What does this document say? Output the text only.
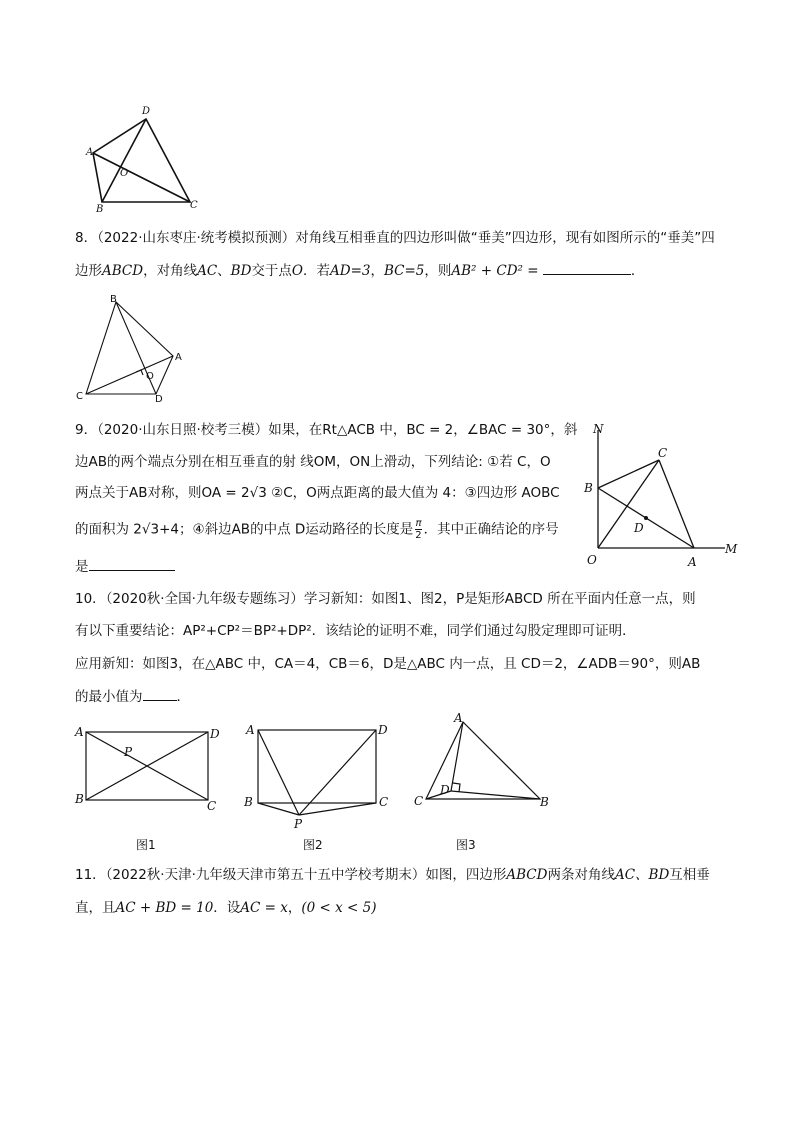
A
B	C
D
O
8．（2022·山东枣庄·统考模拟预测）对角线互相垂直的四边形叫做“垂美”四边形，现有如图所示的“垂美”四
边形ABCD，对角线AC、BD交于点O．若AD=3，BC=5，则AB² + CD² =	．
B
A
C	D
O
9．（2020·山东日照·校考三模）如果，在Rt△ACB 中，BC = 2，∠BAC = 30°，斜
边AB的两个端点分别在相互垂直的射 线OM，ON上滑动，下列结论: ①若 C，O
两点关于AB对称，则OA = 2√3 ②C，O两点距离的最大值为 4：③四边形 AOBC
的面积为 2√3+4；④斜边AB的中点 D运动路径的长度是 $\frac{\pi}{2}$ ．其中正确结论的序号
是
N
M
C
B
D
O	A
10．（2020秋·全国·九年级专题练习）学习新知：如图1、图2，P是矩形ABCD 所在平面内任意一点，则
有以下重要结论：AP²+CP²＝BP²+DP²．该结论的证明不难，同学们通过勾股定理即可证明．
应用新知：如图3，在△ABC 中，CA＝4，CB＝6，D是△ABC 内一点，且 CD＝2，∠ADB＝90°，则AB
的最小值为	．
A	D
B	C
P
图1
A	D
B	C
P
图2
A
C	B
D
图3
11．（2022秋·天津·九年级天津市第五十五中学校考期末）如图，四边形ABCD两条对角线AC、BD互相垂
直，且AC + BD = 10．设AC = x，(0 < x < 5)
